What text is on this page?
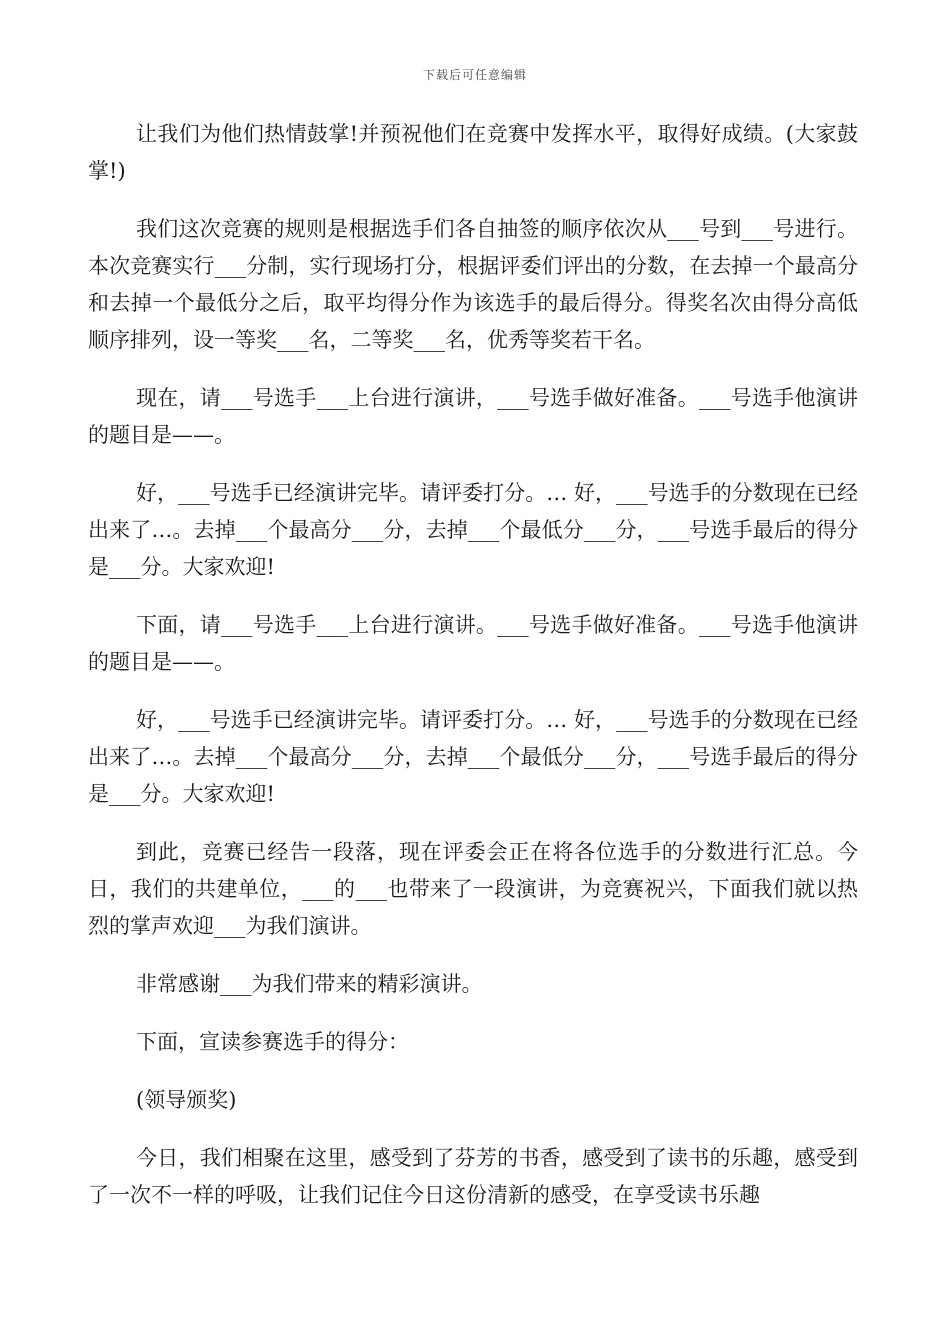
下载后可任意编辑

让我们为他们热情鼓掌!并预祝他们在竞赛中发挥水平，取得好成绩。(大家鼓掌!)

我们这次竞赛的规则是根据选手们各自抽签的顺序依次从___号到___号进行。本次竞赛实行___分制，实行现场打分，根据评委们评出的分数，在去掉一个最高分和去掉一个最低分之后，取平均得分作为该选手的最后得分。得奖名次由得分高低顺序排列，设一等奖___名，二等奖___名，优秀等奖若干名。

现在，请___号选手___上台进行演讲，___号选手做好准备。___号选手他演讲的题目是——。

好，___号选手已经演讲完毕。请评委打分。… 好，___号选手的分数现在已经出来了…。去掉___个最高分___分，去掉___个最低分___分，___号选手最后的得分是___分。大家欢迎!

下面，请___号选手___上台进行演讲。___号选手做好准备。___号选手他演讲的题目是——。

好，___号选手已经演讲完毕。请评委打分。… 好，___号选手的分数现在已经出来了…。去掉___个最高分___分，去掉___个最低分___分，___号选手最后的得分是___分。大家欢迎!

到此，竞赛已经告一段落，现在评委会正在将各位选手的分数进行汇总。今日，我们的共建单位，___的___也带来了一段演讲，为竞赛祝兴，下面我们就以热烈的掌声欢迎___为我们演讲。

非常感谢___为我们带来的精彩演讲。

下面，宣读参赛选手的得分：

(领导颁奖)

今日，我们相聚在这里，感受到了芬芳的书香，感受到了读书的乐趣，感受到了一次不一样的呼吸，让我们记住今日这份清新的感受，在享受读书乐趣
